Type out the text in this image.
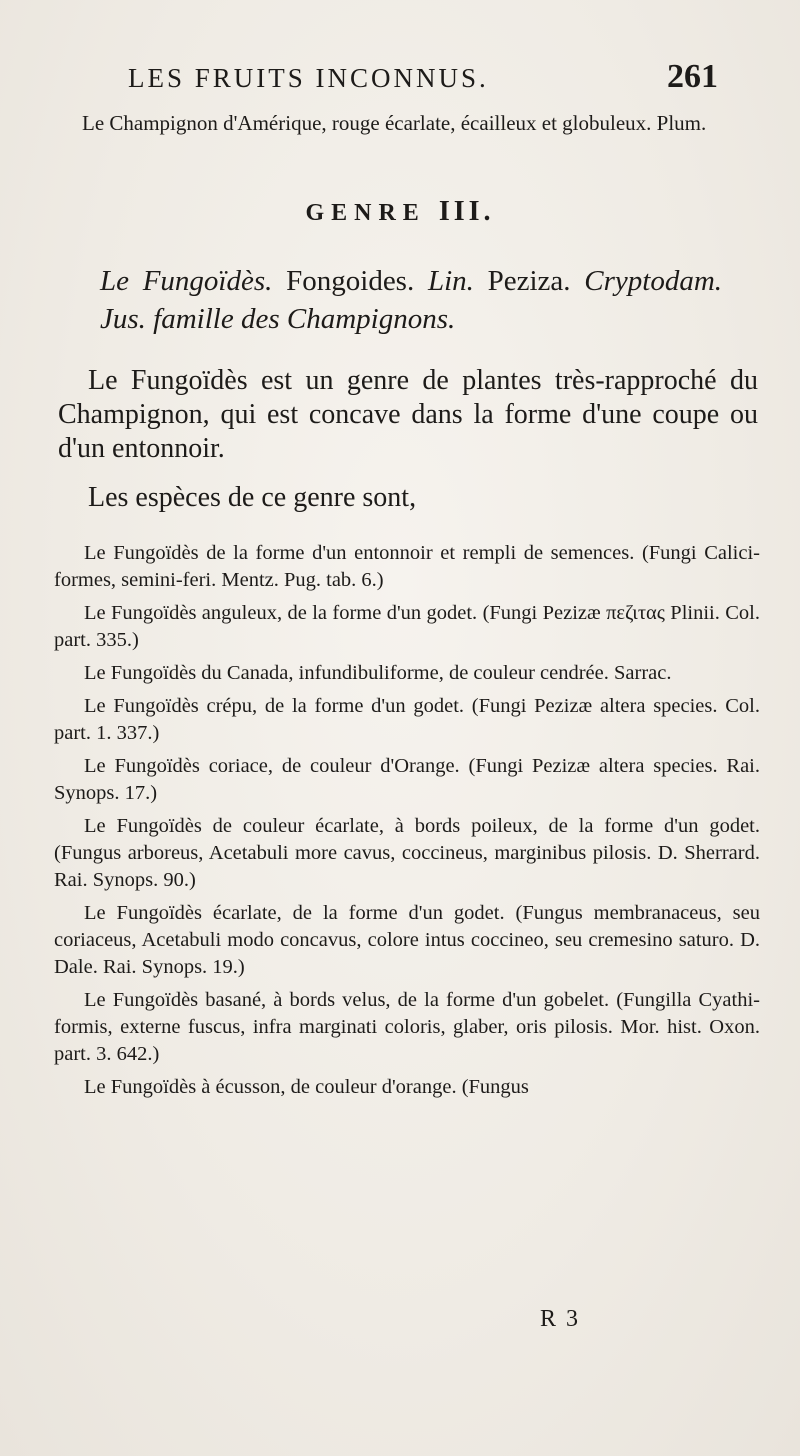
LES FRUITS INCONNUS.	261

Le Champignon d'Amérique, rouge écarlate, écailleux et globuleux. Plum.

GENRE III.

Le Fungoïdès. Fongoides. Lin. Peziza. Cryptodam. Jus. famille des Champignons.

Le Fungoïdès est un genre de plantes très-rapproché du Champignon, qui est concave dans la forme d'une coupe ou d'un entonnoir.

Les espèces de ce genre sont,

Le Fungoïdès de la forme d'un entonnoir et rempli de semences. (Fungi Calici-formes, semini-feri. Mentz. Pug. tab. 6.)

Le Fungoïdès anguleux, de la forme d'un godet. (Fungi Pezizæ πεζιτας Plinii. Col. part. 335.)

Le Fungoïdès du Canada, infundibuliforme, de couleur cendrée. Sarrac.

Le Fungoïdès crépu, de la forme d'un godet. (Fungi Pezizæ altera species. Col. part. 1. 337.)

Le Fungoïdès coriace, de couleur d'Orange. (Fungi Pezizæ altera species. Rai. Synops. 17.)

Le Fungoïdès de couleur écarlate, à bords poileux, de la forme d'un godet. (Fungus arboreus, Acetabuli more cavus, coccineus, marginibus pilosis. D. Sherrard. Rai. Synops. 90.)

Le Fungoïdès écarlate, de la forme d'un godet. (Fungus membranaceus, seu coriaceus, Acetabuli modo concavus, colore intus coccineo, seu cremesino saturo. D. Dale. Rai. Synops. 19.)

Le Fungoïdès basané, à bords velus, de la forme d'un gobelet. (Fungilla Cyathi-formis, externe fuscus, infra marginati coloris, glaber, oris pilosis. Mor. hist. Oxon. part. 3. 642.)

Le Fungoïdès à écusson, de couleur d'orange. (Fungus

R 3
